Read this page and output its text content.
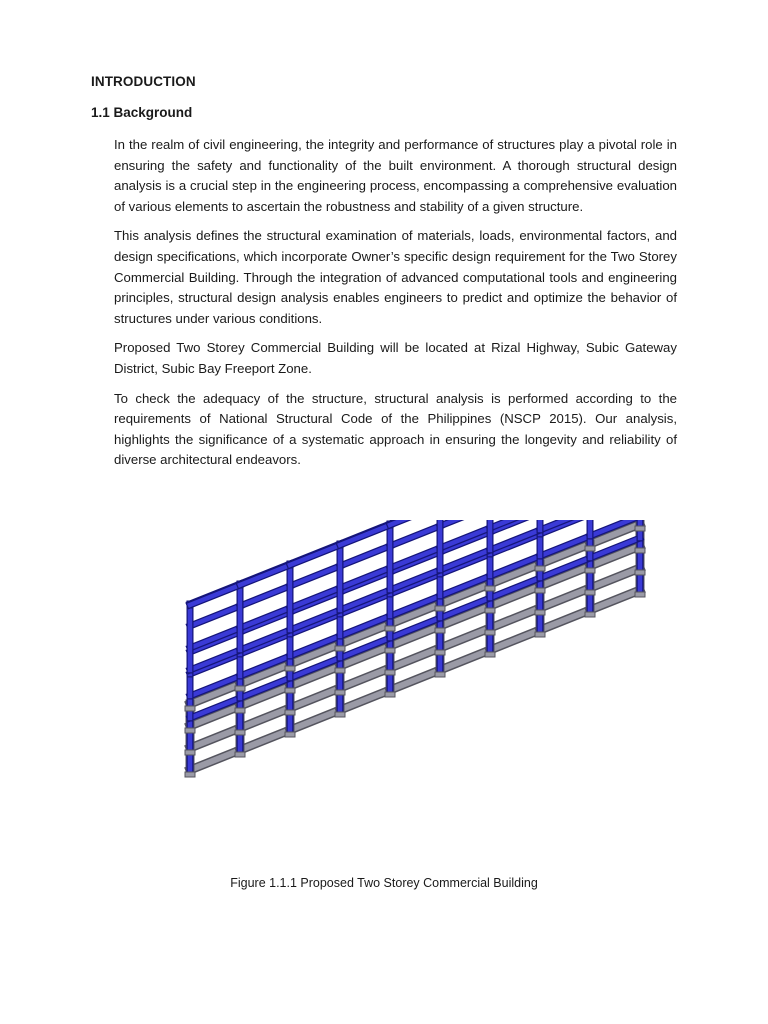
INTRODUCTION
1.1 Background

In the realm of civil engineering, the integrity and performance of structures play a pivotal role in ensuring the safety and functionality of the built environment. A thorough structural design analysis is a crucial step in the engineering process, encompassing a comprehensive evaluation of various elements to ascertain the robustness and stability of a given structure.

This analysis defines the structural examination of materials, loads, environmental factors, and design specifications, which incorporate Owner’s specific design requirement for the Two Storey Commercial Building. Through the integration of advanced computational tools and engineering principles, structural design analysis enables engineers to predict and optimize the behavior of structures under various conditions.

Proposed Two Storey Commercial Building will be located at Rizal Highway, Subic Gateway District, Subic Bay Freeport Zone.

To check the adequacy of the structure, structural analysis is performed according to the requirements of National Structural Code of the Philippines (NSCP 2015). Our analysis, highlights the significance of a systematic approach in ensuring the longevity and reliability of diverse architectural endeavors.

Figure 1.1.1 Proposed Two Storey Commercial Building
